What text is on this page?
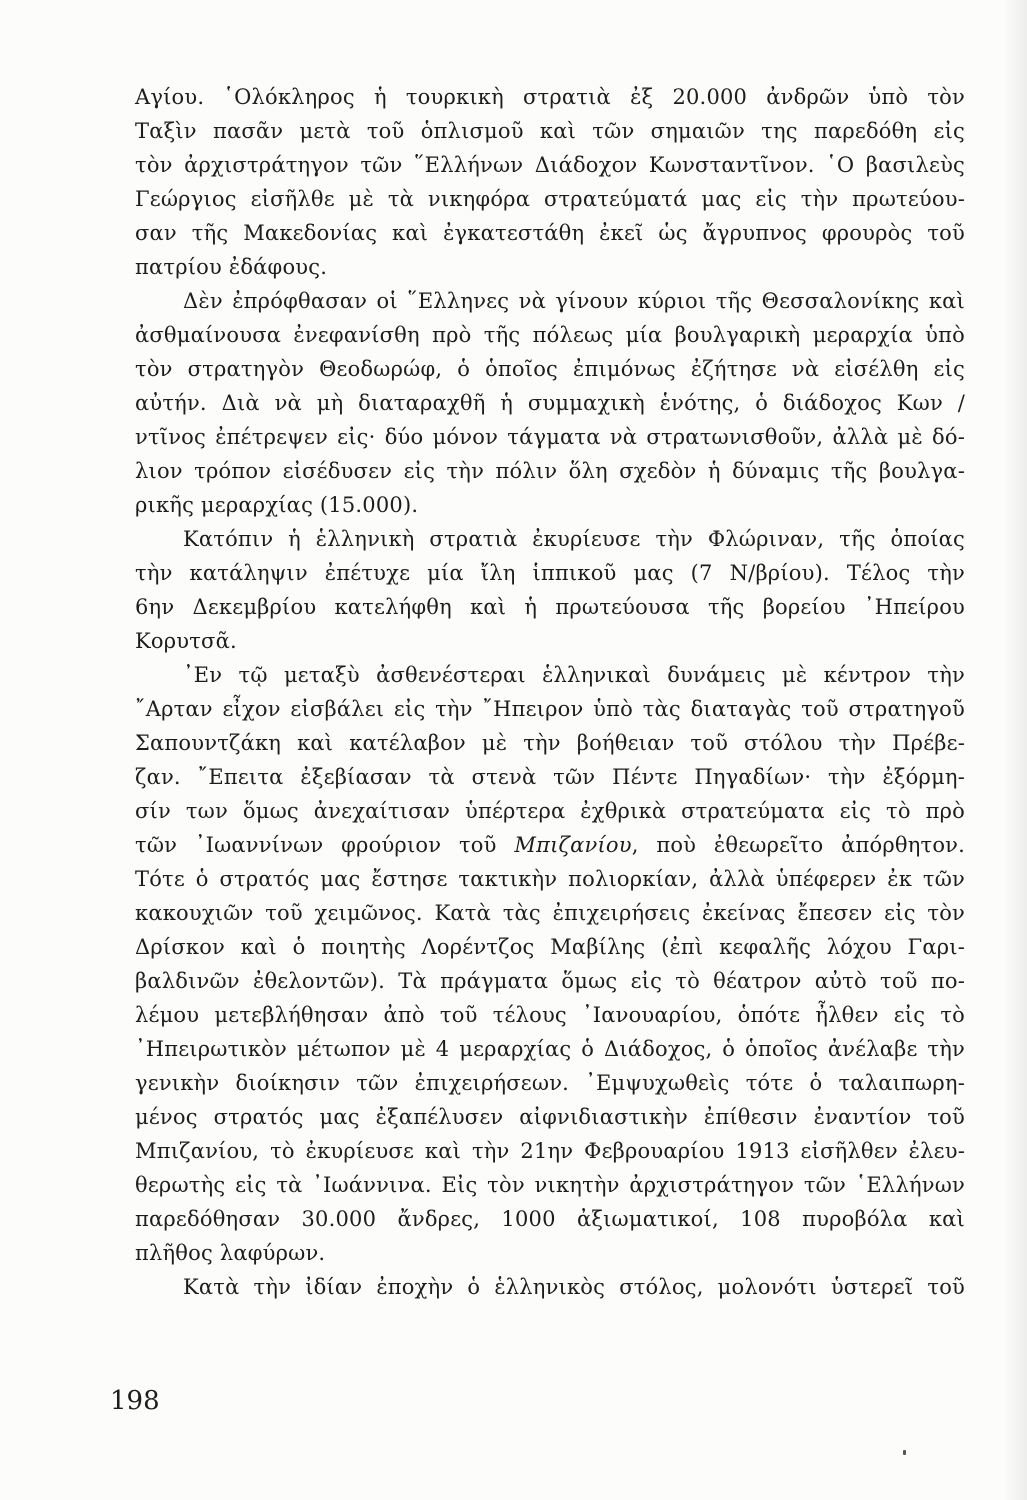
Αγίου. ῾Ολόκληρος ἡ τουρκικὴ στρατιὰ ἐξ 20.000 ἀνδρῶν ὑπὸ τὸν
Ταξὶν πασᾶν μετὰ τοῦ ὁπλισμοῦ καὶ τῶν σημαιῶν της παρεδόθη εἰς
τὸν ἀρχιστράτηγον τῶν ῞Ελλήνων Διάδοχον Κωνσταντῖνον. ῾Ο βασιλεὺς
Γεώργιος εἰσῆλθε μὲ τὰ νικηφόρα στρατεύματά μας εἰς τὴν πρωτεύου-
σαν τῆς Μακεδονίας καὶ ἐγκατεστάθη ἐκεῖ ὡς ἄγρυπνος φρουρὸς τοῦ
πατρίου ἐδάφους.
Δὲν ἐπρόφθασαν οἱ ῞Ελληνες νὰ γίνουν κύριοι τῆς Θεσσαλονίκης καὶ
ἀσθμαίνουσα ἐνεφανίσθη πρὸ τῆς πόλεως μία βουλγαρικὴ μεραρχία ὑπὸ
τὸν στρατηγὸν Θεοδωρώφ, ὁ ὁποῖος ἐπιμόνως ἐζήτησε νὰ εἰσέλθη εἰς
αὐτήν. Διὰ νὰ μὴ διαταραχθῆ ἡ συμμαχικὴ ἑνότης, ὁ διάδοχος Κων /
ντῖνος ἐπέτρεψεν εἰς· δύο μόνον τάγματα νὰ στρατωνισθοῦν, ἀλλὰ μὲ δό-
λιον τρόπον εἰσέδυσεν εἰς τὴν πόλιν ὅλη σχεδὸν ἡ δύναμις τῆς βουλγα-
ρικῆς μεραρχίας (15.000).
Κατόπιν ἡ ἑλληνικὴ στρατιὰ ἐκυρίευσε τὴν Φλώριναν, τῆς ὁποίας
τὴν κατάληψιν ἐπέτυχε μία ἴλη ἱππικοῦ μας (7 Ν/βρίου). Τέλος τὴν
6ην Δεκεμβρίου κατελήφθη καὶ ἡ πρωτεύουσα τῆς βορείου ᾿Ηπείρου
Κορυτσᾶ.
᾿Εν τῷ μεταξὺ ἀσθενέστεραι ἑλληνικαὶ δυνάμεις μὲ κέντρον τὴν
῎Αρταν εἶχον εἰσβάλει εἰς τὴν ῎Ηπειρον ὑπὸ τὰς διαταγὰς τοῦ στρατηγοῦ
Σαπουντζάκη καὶ κατέλαβον μὲ τὴν βοήθειαν τοῦ στόλου τὴν Πρέβε-
ζαν. ῎Επειτα ἐξεβίασαν τὰ στενὰ τῶν Πέντε Πηγαδίων· τὴν ἐξόρμη-
σίν των ὅμως ἀνεχαίτισαν ὑπέρτερα ἐχθρικὰ στρατεύματα εἰς τὸ πρὸ
τῶν ᾿Ιωαννίνων φρούριον τοῦ Μπιζανίου, ποὺ ἐθεωρεῖτο ἀπόρθητον.
Τότε ὁ στρατός μας ἔστησε τακτικὴν πολιορκίαν, ἀλλὰ ὑπέφερεν ἐκ τῶν
κακουχιῶν τοῦ χειμῶνος. Κατὰ τὰς ἐπιχειρήσεις ἐκείνας ἔπεσεν εἰς τὸν
Δρίσκον καὶ ὁ ποιητὴς Λορέντζος Μαβίλης (ἐπὶ κεφαλῆς λόχου Γαρι-
βαλδινῶν ἐθελοντῶν). Τὰ πράγματα ὅμως εἰς τὸ θέατρον αὐτὸ τοῦ πο-
λέμου μετεβλήθησαν ἀπὸ τοῦ τέλους ᾿Ιανουαρίου, ὁπότε ἦλθεν εἰς τὸ
᾿Ηπειρωτικὸν μέτωπον μὲ 4 μεραρχίας ὁ Διάδοχος, ὁ ὁποῖος ἀνέλαβε τὴν
γενικὴν διοίκησιν τῶν ἐπιχειρήσεων. ᾿Εμψυχωθεὶς τότε ὁ ταλαιπωρη-
μένος στρατός μας ἐξαπέλυσεν αἰφνιδιαστικὴν ἐπίθεσιν ἐναντίον τοῦ
Μπιζανίου, τὸ ἐκυρίευσε καὶ τὴν 21ην Φεβρουαρίου 1913 εἰσῆλθεν ἐλευ-
θερωτὴς εἰς τὰ ᾿Ιωάννινα. Εἰς τὸν νικητὴν ἀρχιστράτηγον τῶν ῾Ελλήνων
παρεδόθησαν 30.000 ἄνδρες, 1000 ἀξιωματικοί, 108 πυροβόλα καὶ
πλῆθος λαφύρων.
Κατὰ τὴν ἰδίαν ἐποχὴν ὁ ἑλληνικὸς στόλος, μολονότι ὑστερεῖ τοῦ
198
